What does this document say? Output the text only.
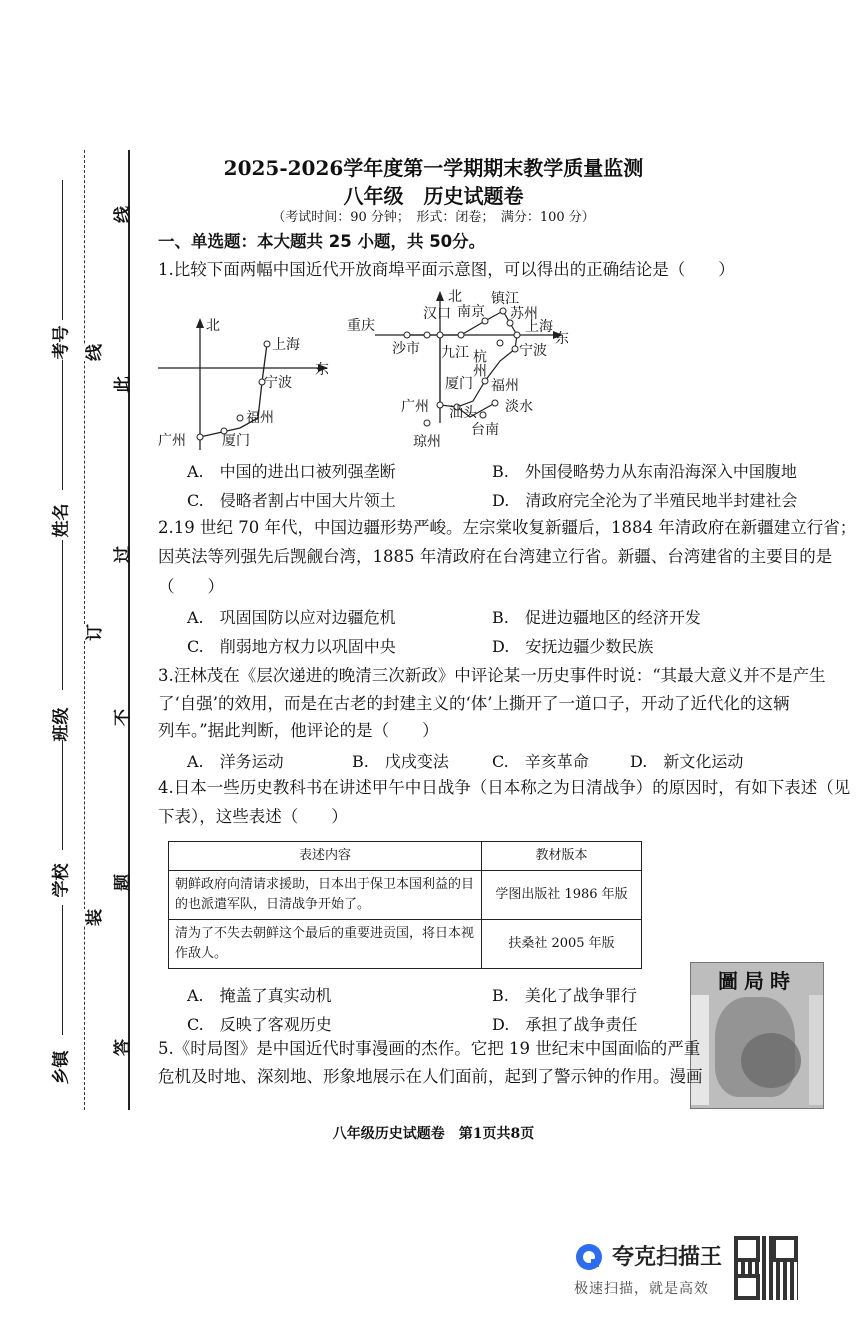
考号
姓名
班级
学校
乡镇
线
订
装
线
此
过
不
题
答
2025-2026学年度第一学期期末教学质量监测
八年级　历史试题卷
（考试时间：90 分钟；　形式：闭卷；　满分：100 分）
一、单选题：本大题共 25 小题，共 50分。
1.比较下面两幅中国近代开放商埠平面示意图，可以得出的正确结论是（　　）
北
东
上海
宁波
福州
广州	厦门
北
东
重庆
沙市
汉口
九江
南京
镇江
苏州
上海
杭州 宁波
厦门 福州
广州 汕头 淡水
台南
琼州
A.　中国的进出口被列强垄断	B.　外国侵略势力从东南沿海深入中国腹地
C.　侵略者割占中国大片领土	D.　清政府完全沦为了半殖民地半封建社会
2.19 世纪 70 年代，中国边疆形势严峻。左宗棠收复新疆后，1884 年清政府在新疆建立行省；
因英法等列强先后觊觎台湾，1885 年清政府在台湾建立行省。新疆、台湾建省的主要目的是
（　　）
A.　巩固国防以应对边疆危机	B.　促进边疆地区的经济开发
C.　削弱地方权力以巩固中央	D.　安抚边疆少数民族
3.汪林茂在《层次递进的晚清三次新政》中评论某一历史事件时说：“其最大意义并不是产生
了‘自强’的效用，而是在古老的封建主义的‘体’上撕开了一道口子，开动了近代化的这辆
列车。”据此判断，他评论的是（　　）
A.　洋务运动	B.　戊戌变法	C.　辛亥革命	D.　新文化运动
4.日本一些历史教科书在讲述甲午中日战争（日本称之为日清战争）的原因时，有如下表述（见
下表），这些表述（　　）
表述内容	教材版本
朝鲜政府向清请求援助，日本出于保卫本国利益的目的也派遣军队，日清战争开始了。	学图出版社 1986 年版
清为了不失去朝鲜这个最后的重要进贡国，将日本视作敌人。	扶桑社 2005 年版
A.　掩盖了真实动机	B.　美化了战争罪行
C.　反映了客观历史	D.　承担了战争责任
圖局時
5.《时局图》是中国近代时事漫画的杰作。它把 19 世纪末中国面临的严重
危机及时地、深刻地、形象地展示在人们面前，起到了警示钟的作用。漫画
八年级历史试题卷　第1页共8页
夸克扫描王
极速扫描，就是高效
